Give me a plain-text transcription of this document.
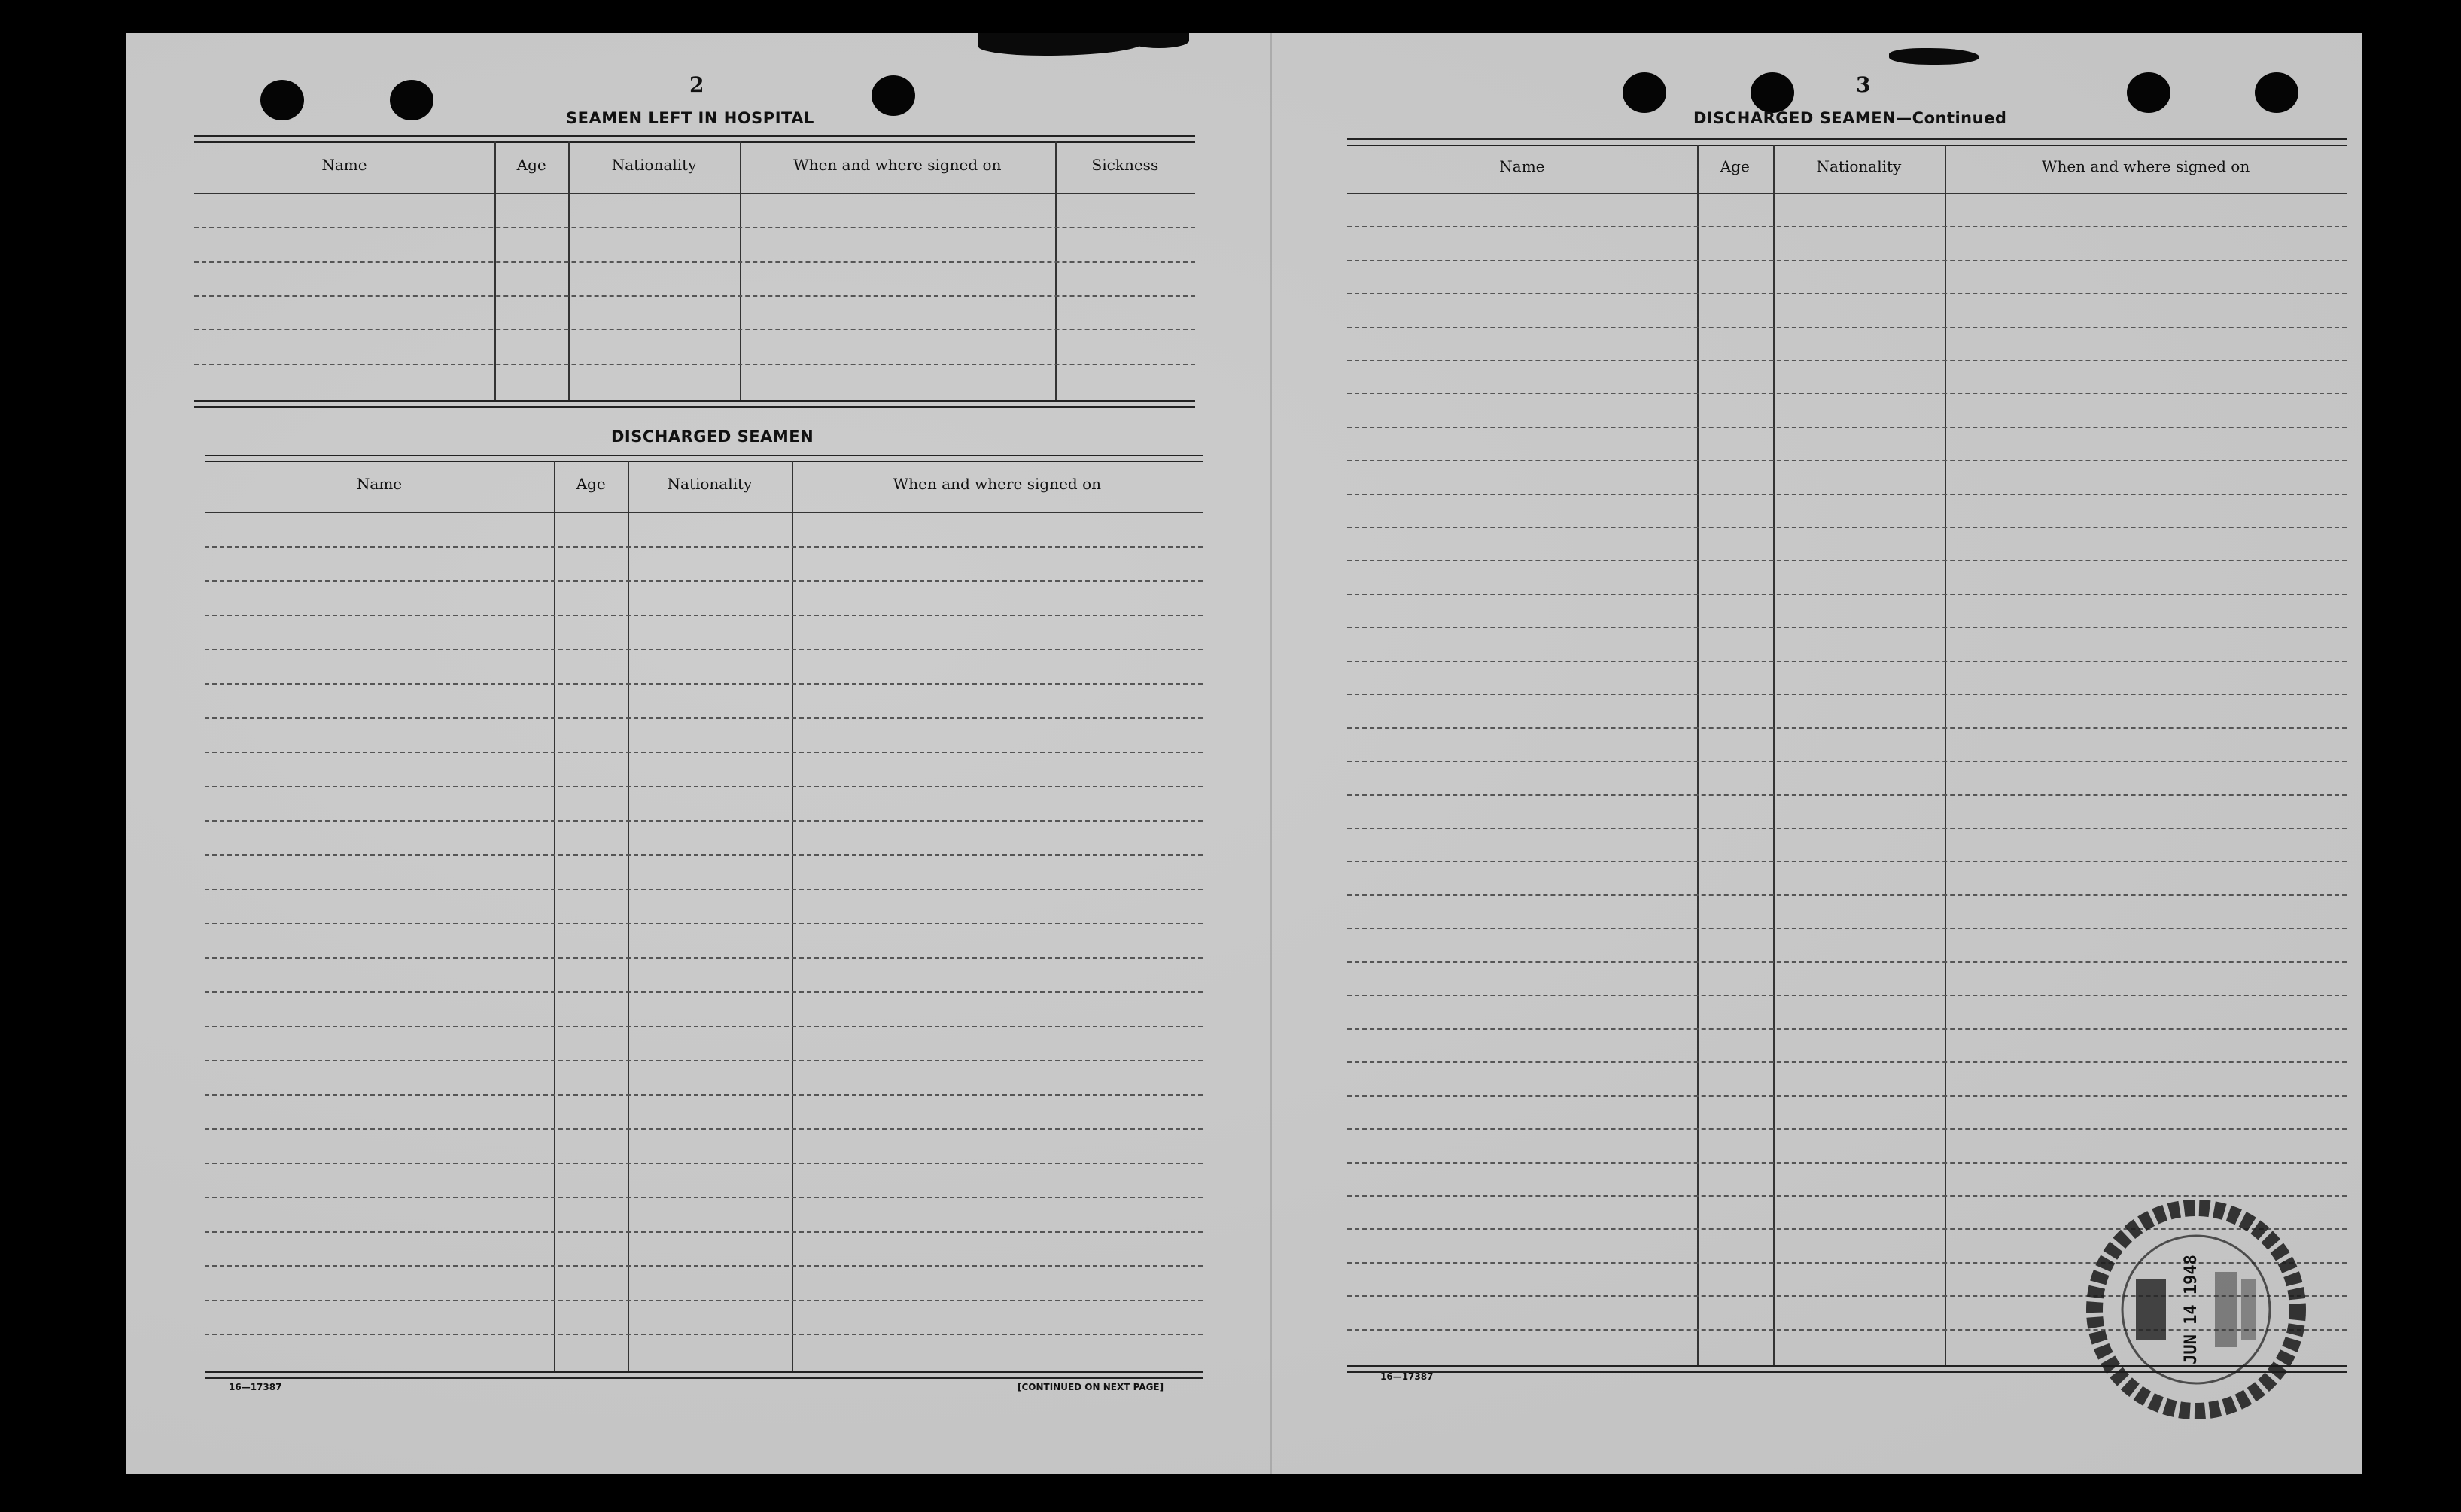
2
SEAMEN LEFT IN HOSPITAL
Name	Age	Nationality	When and where signed on	Sickness
DISCHARGED SEAMEN
Name	Age	Nationality	When and where signed on
16—17387	[CONTINUED ON NEXT PAGE]
3
DISCHARGED SEAMEN—Continued
Name	Age	Nationality	When and where signed on
16—17387
JUN 14 1948
